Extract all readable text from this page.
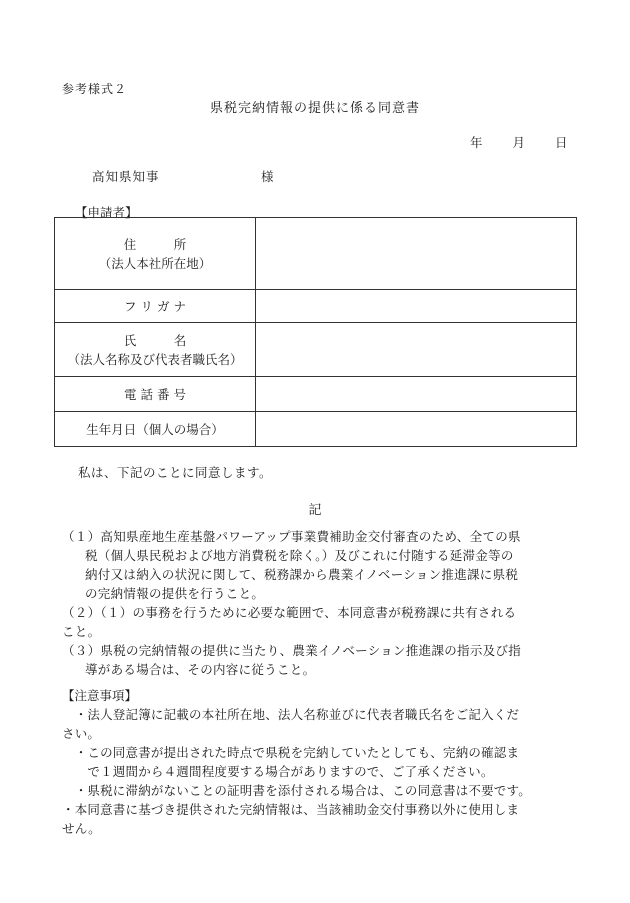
参考様式２
県税完納情報の提供に係る同意書
年 月 日
高知県知事	様
【申請者】
住　　　所
（法人本社所在地）	

フ リ ガ ナ	

氏　　　名
（法人名称及び代表者職氏名）	

電 話 番 号	

生年月日（個人の場合）	

私は、下記のことに同意します。
記

（１）高知県産地生産基盤パワーアップ事業費補助金交付審査のため、全ての県

税（個人県民税および地方消費税を除く。）及びこれに付随する延滞金等の

納付又は納入の状況に関して、税務課から農業イノベーション推進課に県税

の完納情報の提供を行うこと。

（２）（１）の事務を行うために必要な範囲で、本同意書が税務課に共有される

こと。

（３）県税の完納情報の提供に当たり、農業イノベーション推進課の指示及び指

導がある場合は、その内容に従うこと。

【注意事項】

　・法人登記簿に記載の本社所在地、法人名称並びに代表者職氏名をご記入くだ

さい。

　・この同意書が提出された時点で県税を完納していたとしても、完納の確認ま

　　で１週間から４週間程度要する場合がありますので、ご了承ください。

　・県税に滞納がないことの証明書を添付される場合は、この同意書は不要です。

・本同意書に基づき提供された完納情報は、当該補助金交付事務以外に使用しま

せん。
